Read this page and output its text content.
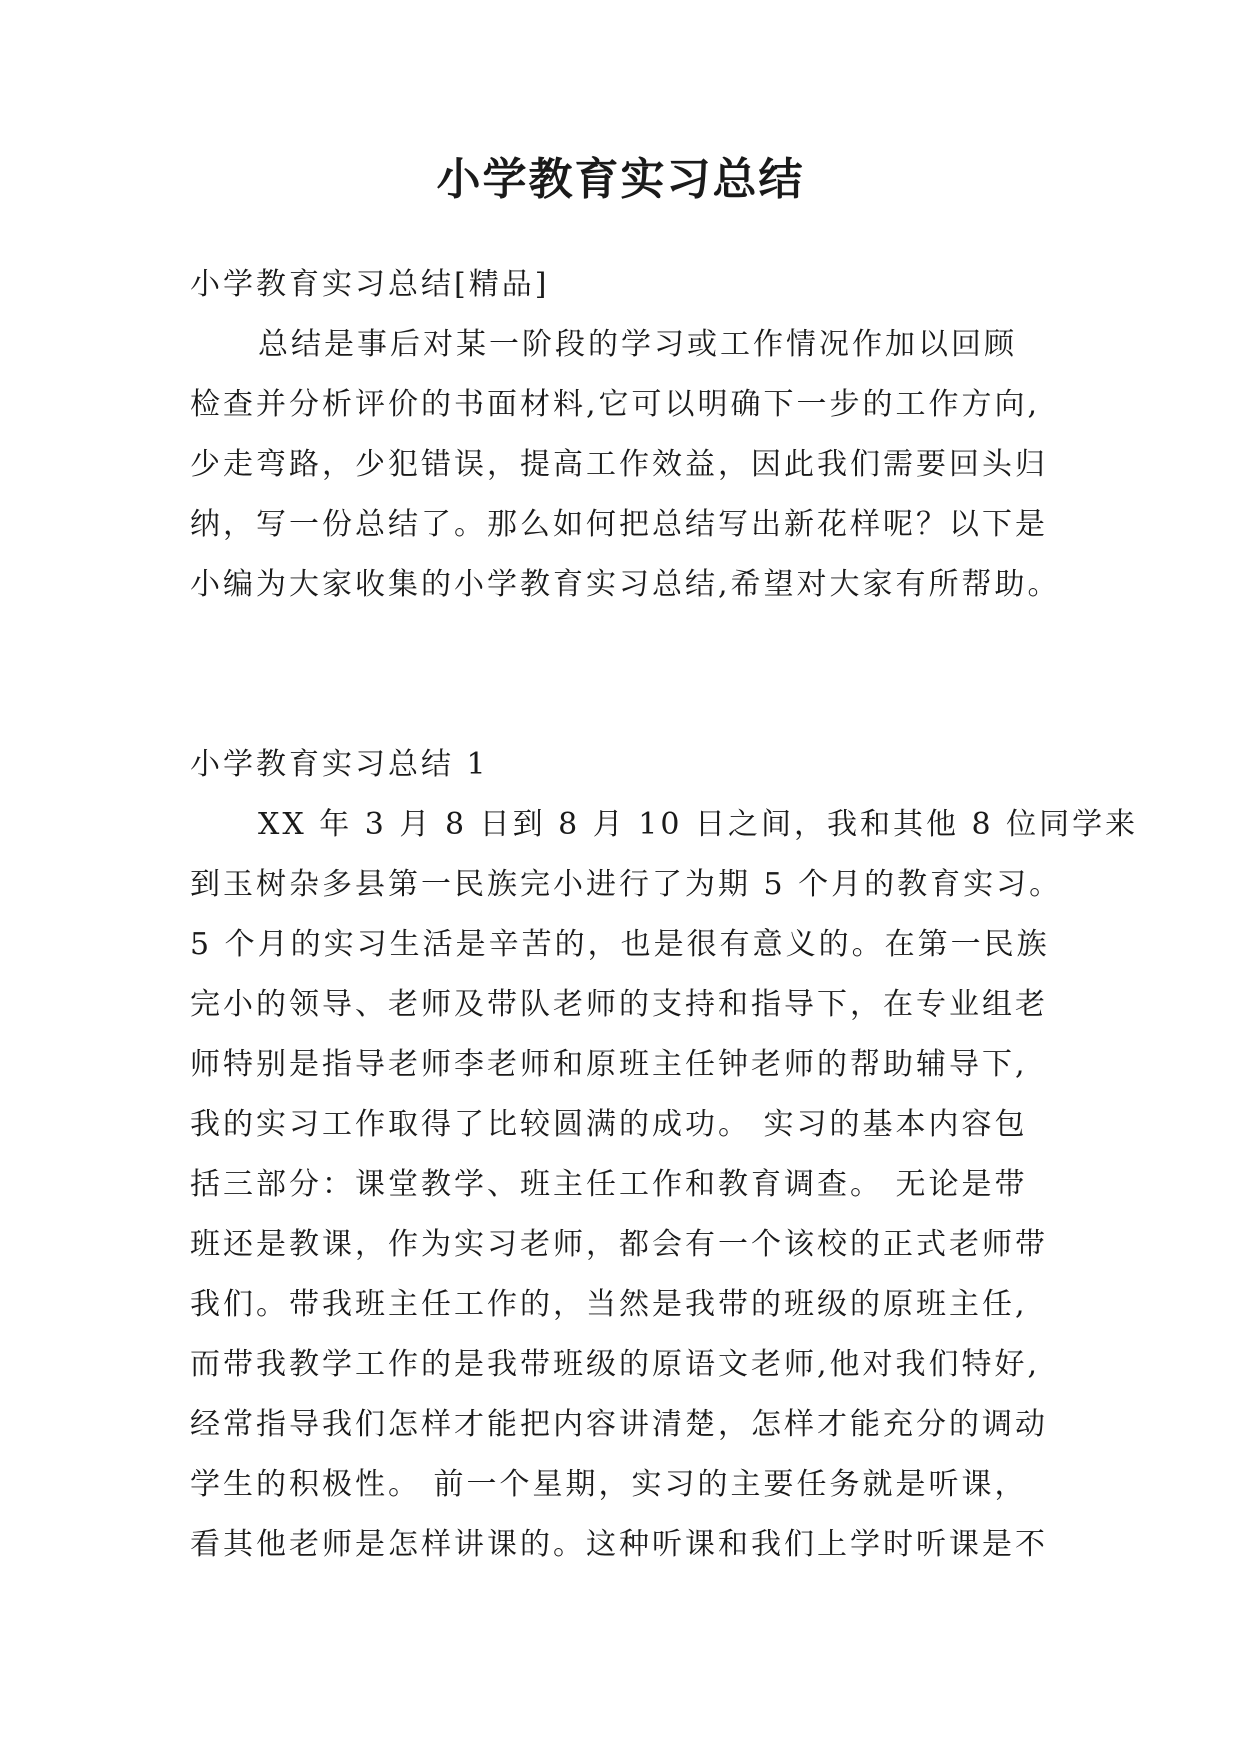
小学教育实习总结
小学教育实习总结[精品]
总结是事后对某一阶段的学习或工作情况作加以回顾
检查并分析评价的书面材料,它可以明确下一步的工作方向,
少走弯路，少犯错误，提高工作效益，因此我们需要回头归
纳，写一份总结了。那么如何把总结写出新花样呢？以下是
小编为大家收集的小学教育实习总结,希望对大家有所帮助。
小学教育实习总结 1
XX 年 3 月 8 日到 8 月 10 日之间，我和其他 8 位同学来
到玉树杂多县第一民族完小进行了为期 5 个月的教育实习。
5 个月的实习生活是辛苦的，也是很有意义的。在第一民族
完小的领导、老师及带队老师的支持和指导下，在专业组老
师特别是指导老师李老师和原班主任钟老师的帮助辅导下,
我的实习工作取得了比较圆满的成功。 实习的基本内容包
括三部分：课堂教学、班主任工作和教育调查。 无论是带
班还是教课，作为实习老师，都会有一个该校的正式老师带
我们。带我班主任工作的，当然是我带的班级的原班主任,
而带我教学工作的是我带班级的原语文老师,他对我们特好,
经常指导我们怎样才能把内容讲清楚，怎样才能充分的调动
学生的积极性。 前一个星期，实习的主要任务就是听课，
看其他老师是怎样讲课的。这种听课和我们上学时听课是不
